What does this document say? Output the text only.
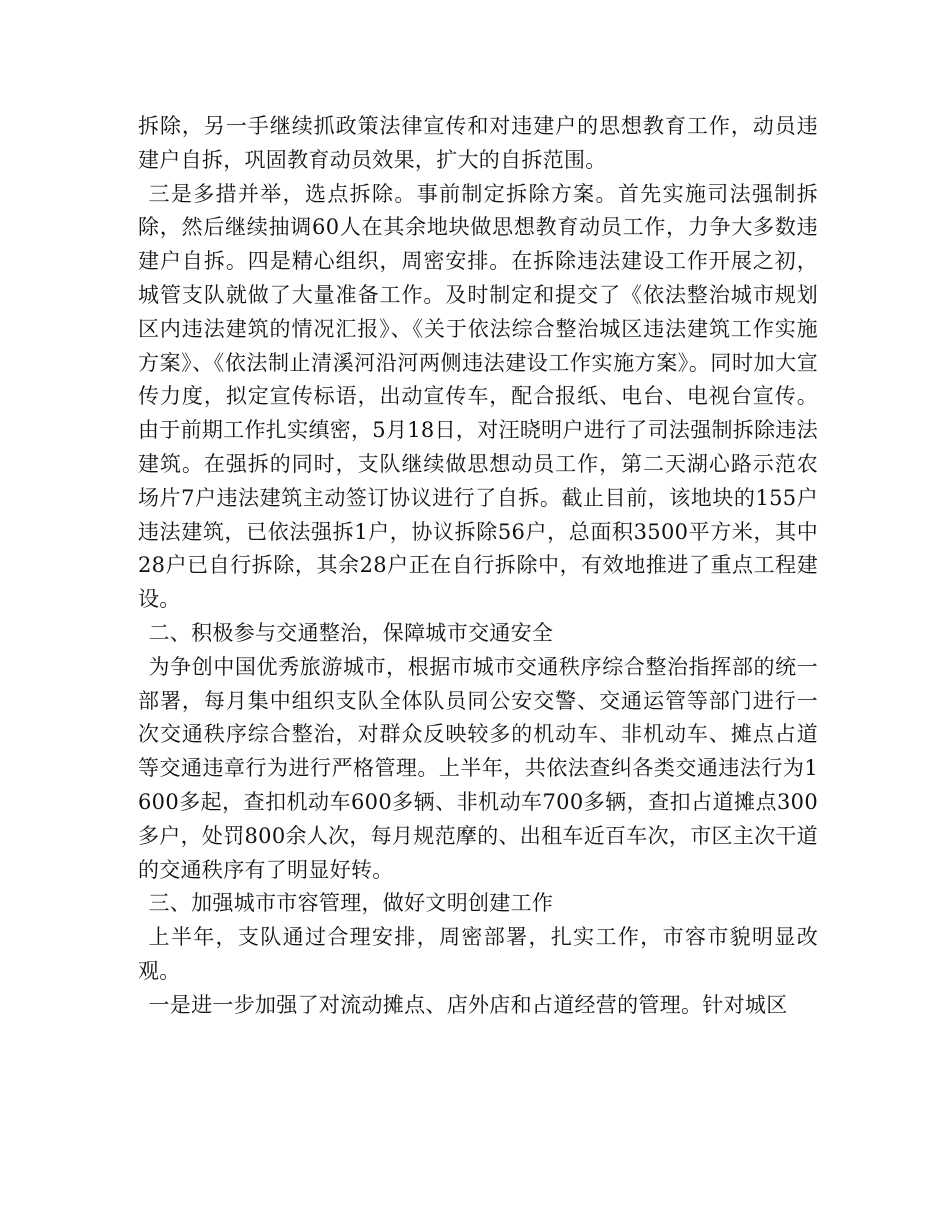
拆除，另一手继续抓政策法律宣传和对违建户的思想教育工作，动员违建户自拆，巩固教育动员效果，扩大的自拆范围。

三是多措并举，选点拆除。事前制定拆除方案。首先实施司法强制拆除，然后继续抽调60人在其余地块做思想教育动员工作，力争大多数违建户自拆。四是精心组织，周密安排。在拆除违法建设工作开展之初，城管支队就做了大量准备工作。及时制定和提交了《依法整治城市规划区内违法建筑的情况汇报》、《关于依法综合整治城区违法建筑工作实施方案》、《依法制止清溪河沿河两侧违法建设工作实施方案》。同时加大宣传力度，拟定宣传标语，出动宣传车，配合报纸、电台、电视台宣传。由于前期工作扎实缜密，5月18日，对汪晓明户进行了司法强制拆除违法建筑。在强拆的同时，支队继续做思想动员工作，第二天湖心路示范农场片7户违法建筑主动签订协议进行了自拆。截止目前，该地块的155户违法建筑，已依法强拆1户，协议拆除56户，总面积3500平方米，其中28户已自行拆除，其余28户正在自行拆除中，有效地推进了重点工程建设。

二、积极参与交通整治，保障城市交通安全

为争创中国优秀旅游城市，根据市城市交通秩序综合整治指挥部的统一部署，每月集中组织支队全体队员同公安交警、交通运管等部门进行一次交通秩序综合整治，对群众反映较多的机动车、非机动车、摊点占道等交通违章行为进行严格管理。上半年，共依法查纠各类交通违法行为1600多起，查扣机动车600多辆、非机动车700多辆，查扣占道摊点300多户，处罚800余人次，每月规范摩的、出租车近百车次，市区主次干道的交通秩序有了明显好转。

三、加强城市市容管理，做好文明创建工作

上半年，支队通过合理安排，周密部署，扎实工作，市容市貌明显改观。

一是进一步加强了对流动摊点、店外店和占道经营的管理。针对城区
